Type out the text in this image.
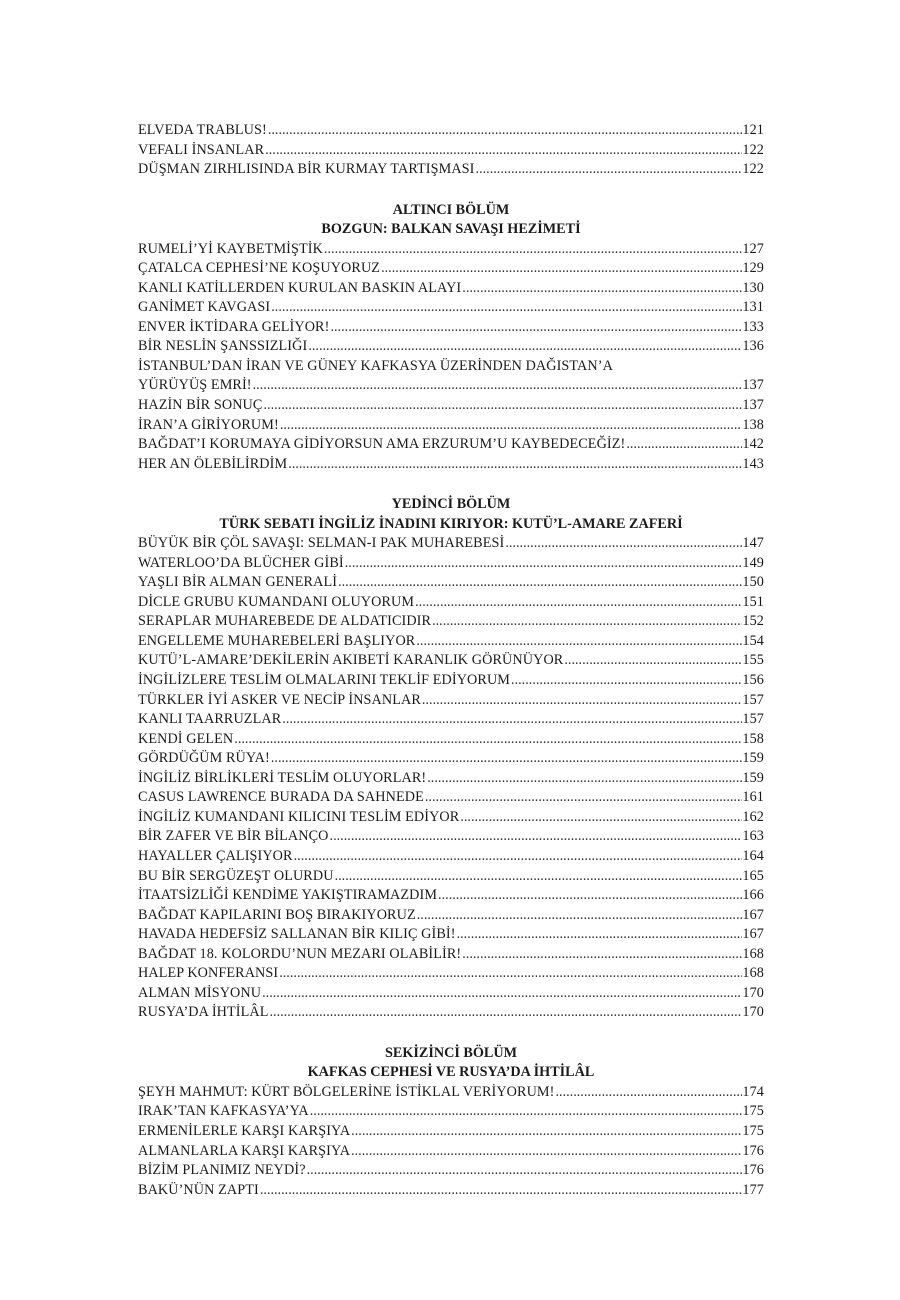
ELVEDA TRABLUS! .....	121
VEFALI İNSANLAR .....	122
DÜŞMAN ZIRHLISINDA BİR KURMAY TARTIŞMASI .....	122
ALTINCI BÖLÜM
BOZGUN: BALKAN SAVAŞI HEZİMETİ
RUMELİ’Yİ KAYBETMİŞTİK .....	127
ÇATALCA CEPHESİ’NE KOŞUYORUZ .....	129
KANLI KATİLLERDEN KURULAN BASKIN ALAYI .....	130
GANİMET KAVGASI .....	131
ENVER İKTİDARA GELİYOR! .....	133
BİR NESLİN ŞANSSIZLIĞI .....	136
İSTANBUL’DAN İRAN VE GÜNEY KAFKASYA ÜZERİNDEN DAĞISTAN’A
YÜRÜYÜŞ EMRİ! .....	137
HAZİN BİR SONUÇ .....	137
İRAN’A GİRİYORUM! .....	138
BAĞDAT’I KORUMAYA GİDİYORSUN AMA ERZURUM’U KAYBEDECEĞİZ! .....	142
HER AN ÖLEBİLİRDİM .....	143
YEDİNCİ BÖLÜM
TÜRK SEBATI İNGİLİZ İNADINI KIRIYOR: KUTÜ’L-AMARE ZAFERİ
BÜYÜK BİR ÇÖL SAVAŞI: SELMAN-I PAK MUHAREBESİ .....	147
WATERLOO’DA BLÜCHER GİBİ .....	149
YAŞLI BİR ALMAN GENERALİ .....	150
DİCLE GRUBU KUMANDANI OLUYORUM .....	151
SERAPLAR MUHAREBEDE DE ALDATICIDIR .....	152
ENGELLEME MUHAREBELERİ BAŞLIYOR .....	154
KUTÜ’L-AMARE’DEKİLERİN AKIBETİ KARANLIK GÖRÜNÜYOR .....	155
İNGİLİZLERE TESLİM OLMALARINI TEKLİF EDİYORUM .....	156
TÜRKLER İYİ ASKER VE NECİP İNSANLAR .....	157
KANLI TAARRUZLAR .....	157
KENDİ GELEN .....	158
GÖRDÜĞÜM RÜYA! .....	159
İNGİLİZ BİRLİKLERİ TESLİM OLUYORLAR! .....	159
CASUS LAWRENCE BURADA DA SAHNEDE .....	161
İNGİLİZ KUMANDANI KILICINI TESLİM EDİYOR .....	162
BİR ZAFER VE BİR BİLANÇO .....	163
HAYALLER ÇALIŞIYOR .....	164
BU BİR SERGÜZEŞT OLURDU .....	165
İTAATSİZLİĞİ KENDİME YAKIŞTIRAMAZDIM .....	166
BAĞDAT KAPILARINI BOŞ BIRAKIYORUZ .....	167
HAVADA HEDEFSİZ SALLANAN BİR KILIÇ GİBİ! .....	167
BAĞDAT 18. KOLORDU’NUN MEZARI OLABİLİR! .....	168
HALEP KONFERANSI .....	168
ALMAN MİSYONU .....	170
RUSYA’DA İHTİLÂL .....	170
SEKİZİNCİ BÖLÜM
KAFKAS CEPHESİ VE RUSYA’DA İHTİLÂL
ŞEYH MAHMUT: KÜRT BÖLGELERİNE İSTİKLAL VERİYORUM! .....	174
IRAK’TAN KAFKASYA’YA .....	175
ERMENİLERLE KARŞI KARŞIYA .....	175
ALMANLARLA KARŞI KARŞIYA .....	176
BİZİM PLANIMIZ NEYDİ? .....	176
BAKÜ’NÜN ZAPTI .....	177
